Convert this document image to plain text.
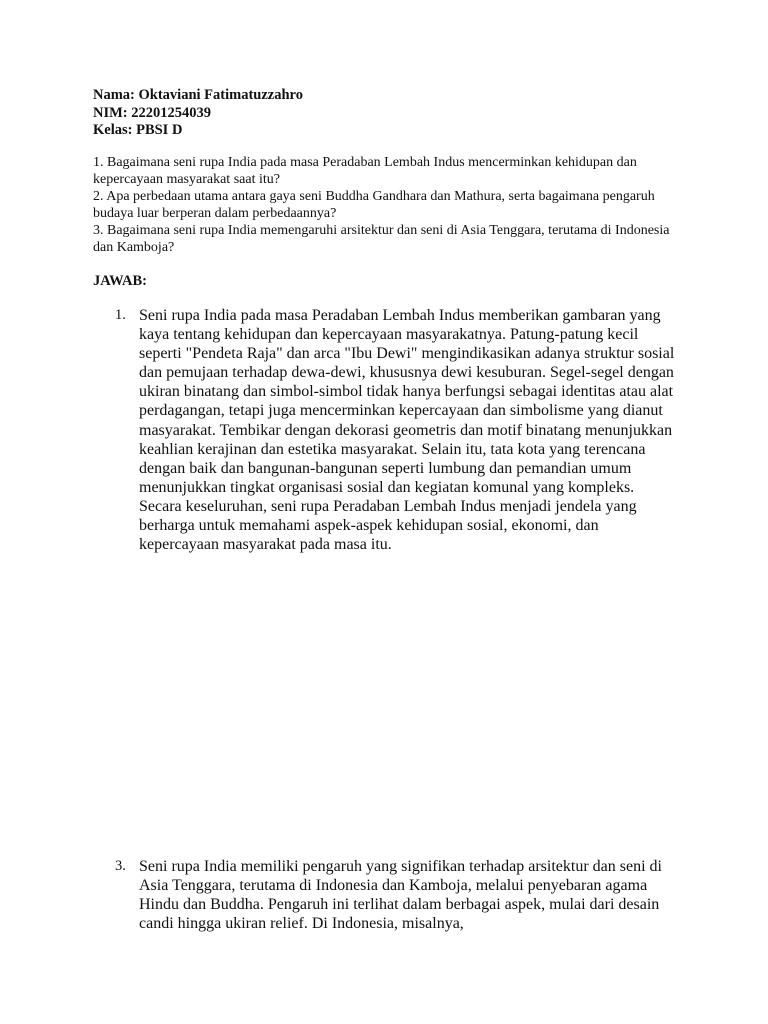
Nama: Oktaviani Fatimatuzzahro
NIM: 22201254039
Kelas: PBSI D

1. Bagaimana seni rupa India pada masa Peradaban Lembah Indus mencerminkan kehidupan dan kepercayaan masyarakat saat itu?

2. Apa perbedaan utama antara gaya seni Buddha Gandhara dan Mathura, serta bagaimana pengaruh budaya luar berperan dalam perbedaannya?

3. Bagaimana seni rupa India memengaruhi arsitektur dan seni di Asia Tenggara, terutama di Indonesia dan Kamboja?

JAWAB:
1. Seni rupa India pada masa Peradaban Lembah Indus memberikan gambaran yang kaya tentang kehidupan dan kepercayaan masyarakatnya. Patung-patung kecil seperti "Pendeta Raja" dan arca "Ibu Dewi" mengindikasikan adanya struktur sosial dan pemujaan terhadap dewa-dewi, khususnya dewi kesuburan. Segel-segel dengan ukiran binatang dan simbol-simbol tidak hanya berfungsi sebagai identitas atau alat perdagangan, tetapi juga mencerminkan kepercayaan dan simbolisme yang dianut masyarakat. Tembikar dengan dekorasi geometris dan motif binatang menunjukkan keahlian kerajinan dan estetika masyarakat. Selain itu, tata kota yang terencana dengan baik dan bangunan-bangunan seperti lumbung dan pemandian umum menunjukkan tingkat organisasi sosial dan kegiatan komunal yang kompleks. Secara keseluruhan, seni rupa Peradaban Lembah Indus menjadi jendela yang berharga untuk memahami aspek-aspek kehidupan sosial, ekonomi, dan kepercayaan masyarakat pada masa itu.
3. Seni rupa India memiliki pengaruh yang signifikan terhadap arsitektur dan seni di Asia Tenggara, terutama di Indonesia dan Kamboja, melalui penyebaran agama Hindu dan Buddha. Pengaruh ini terlihat dalam berbagai aspek, mulai dari desain candi hingga ukiran relief. Di Indonesia, misalnya,
